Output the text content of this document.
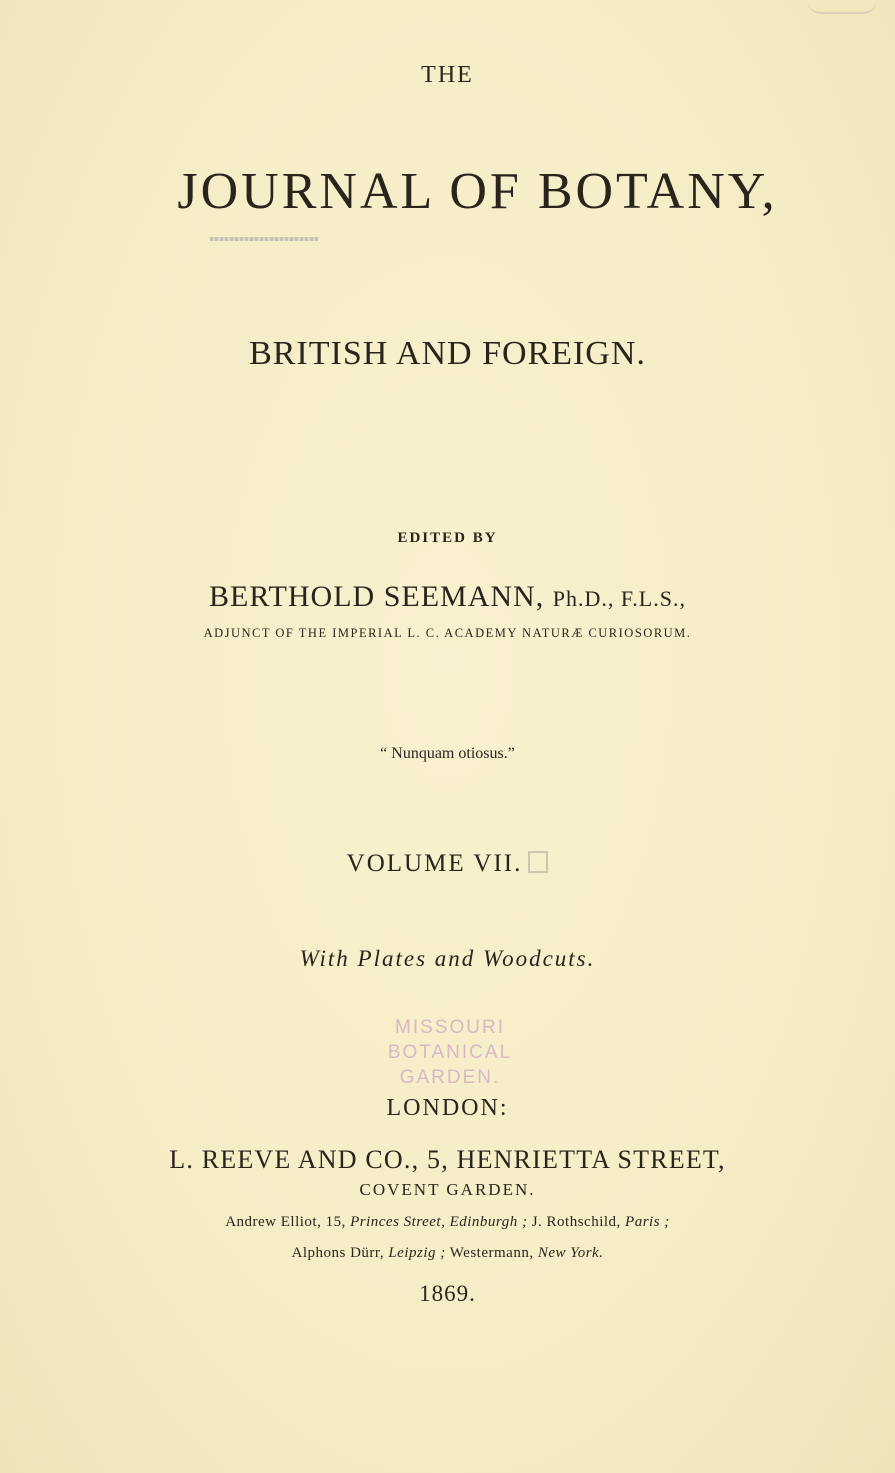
THE
JOURNAL OF BOTANY,
BRITISH AND FOREIGN.
EDITED BY
BERTHOLD SEEMANN, Ph.D., F.L.S.,
ADJUNCT OF THE IMPERIAL L. C. ACADEMY NATURÆ CURIOSORUM.
“ Nunquam otiosus.”
VOLUME VII.
With Plates and Woodcuts.
MISSOURI
BOTANICAL
GARDEN.
LONDON:
L. REEVE AND CO., 5, HENRIETTA STREET,
COVENT GARDEN.
Andrew Elliot, 15, Princes Street, Edinburgh ; J. Rothschild, Paris ;
Alphons Dürr, Leipzig ; Westermann, New York.
1869.
